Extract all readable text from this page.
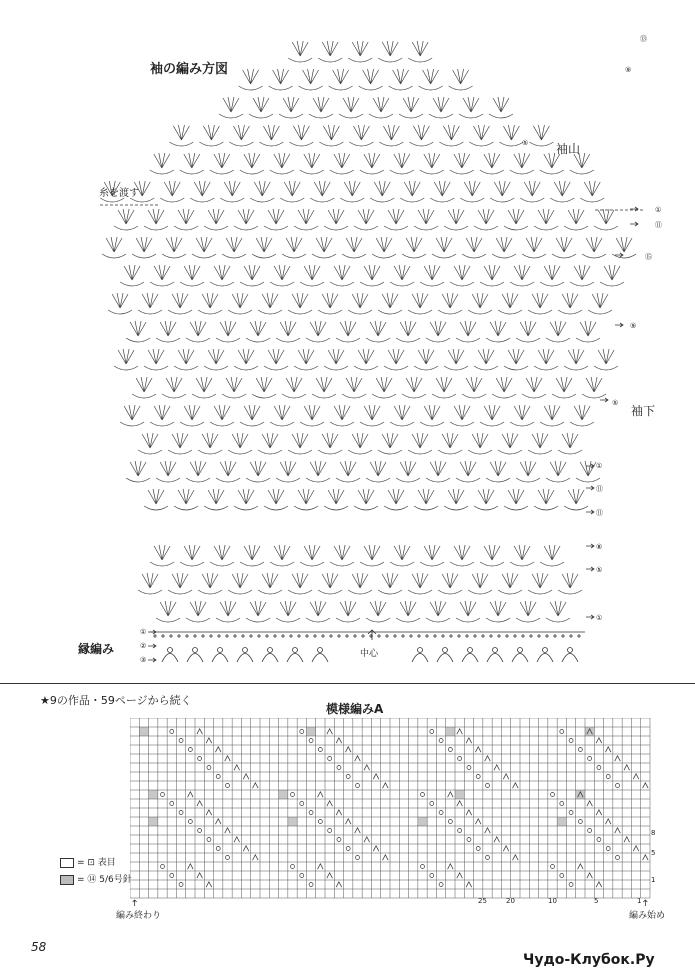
袖の編み方図
袖山
袖下
糸を渡す
縁編み	中心
⑬
⑨
⑤
①
⑪
⑮
⑨
⑤
①
⑪
⑪
⑧
⑤
①
①
②
③
★9の作品・59ページから続く
模様編みA
8
5
1
25	20	10	5	1
= ⊡ 表目
= ⑭ 5/6号針
編み終わり	編み始め
58
Чудо-Клубок.Ру
